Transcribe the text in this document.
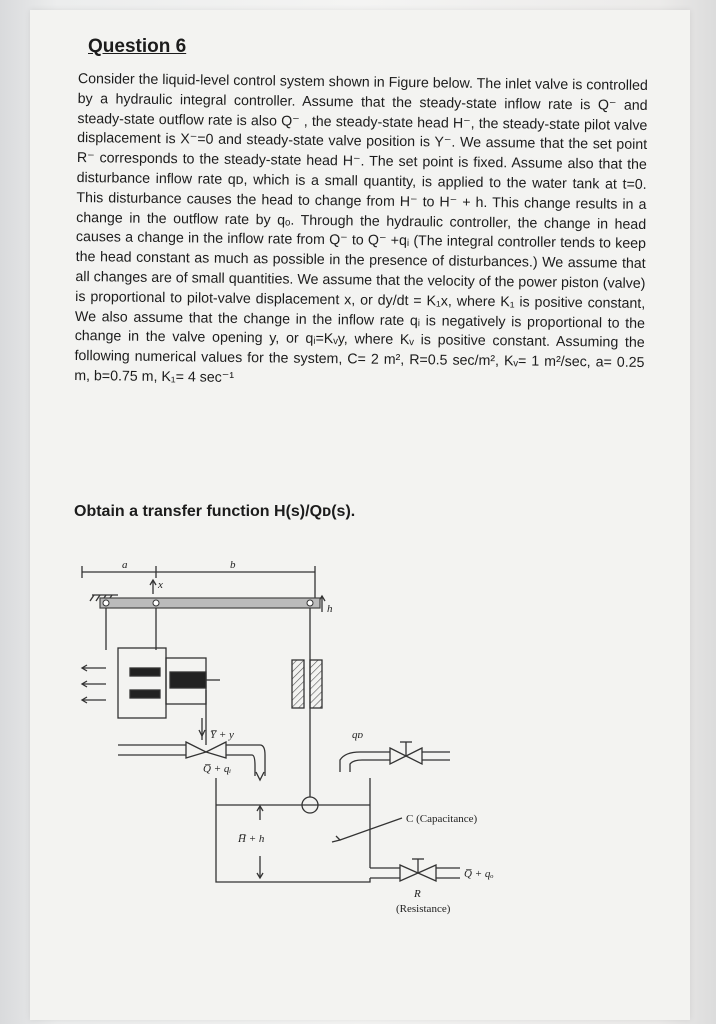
Question 6

Consider the liquid-level control system shown in Figure below. The inlet valve is controlled by a hydraulic integral controller. Assume that the steady-state inflow rate is Q⁻ and steady-state outflow rate is also Q⁻ , the steady-state head H⁻, the steady-state pilot valve displacement is X⁻=0 and steady-state valve position is Y⁻. We assume that the set point R⁻ corresponds to the steady-state head H⁻. The set point is fixed. Assume also that the disturbance inflow rate qᴅ, which is a small quantity, is applied to the water tank at t=0. This disturbance causes the head to change from H⁻ to H⁻ + h. This change results in a change in the outflow rate by qₒ. Through the hydraulic controller, the change in head causes a change in the inflow rate from Q⁻ to Q⁻ +qᵢ (The integral controller tends to keep the head constant as much as possible in the presence of disturbances.) We assume that all changes are of small quantities. We assume that the velocity of the power piston (valve) is proportional to pilot-valve displacement x, or dy/dt = K₁x, where K₁ is positive constant, We also assume that the change in the inflow rate qᵢ is negatively is proportional to the change in the valve opening y, or qᵢ=Kᵥy, where Kᵥ is positive constant. Assuming the following numerical values for the system, C= 2 m², R=0.5 sec/m², Kᵥ= 1 m²/sec, a= 0.25 m, b=0.75 m, K₁= 4 sec⁻¹

Obtain a transfer function H(s)/Qᴅ(s).
a	b
x
h
Y̅ + y	qᴅ
Q̅ + qᵢ
H̅ + h
C (Capacitance)
R
(Resistance)
Q̅ + qₒ
